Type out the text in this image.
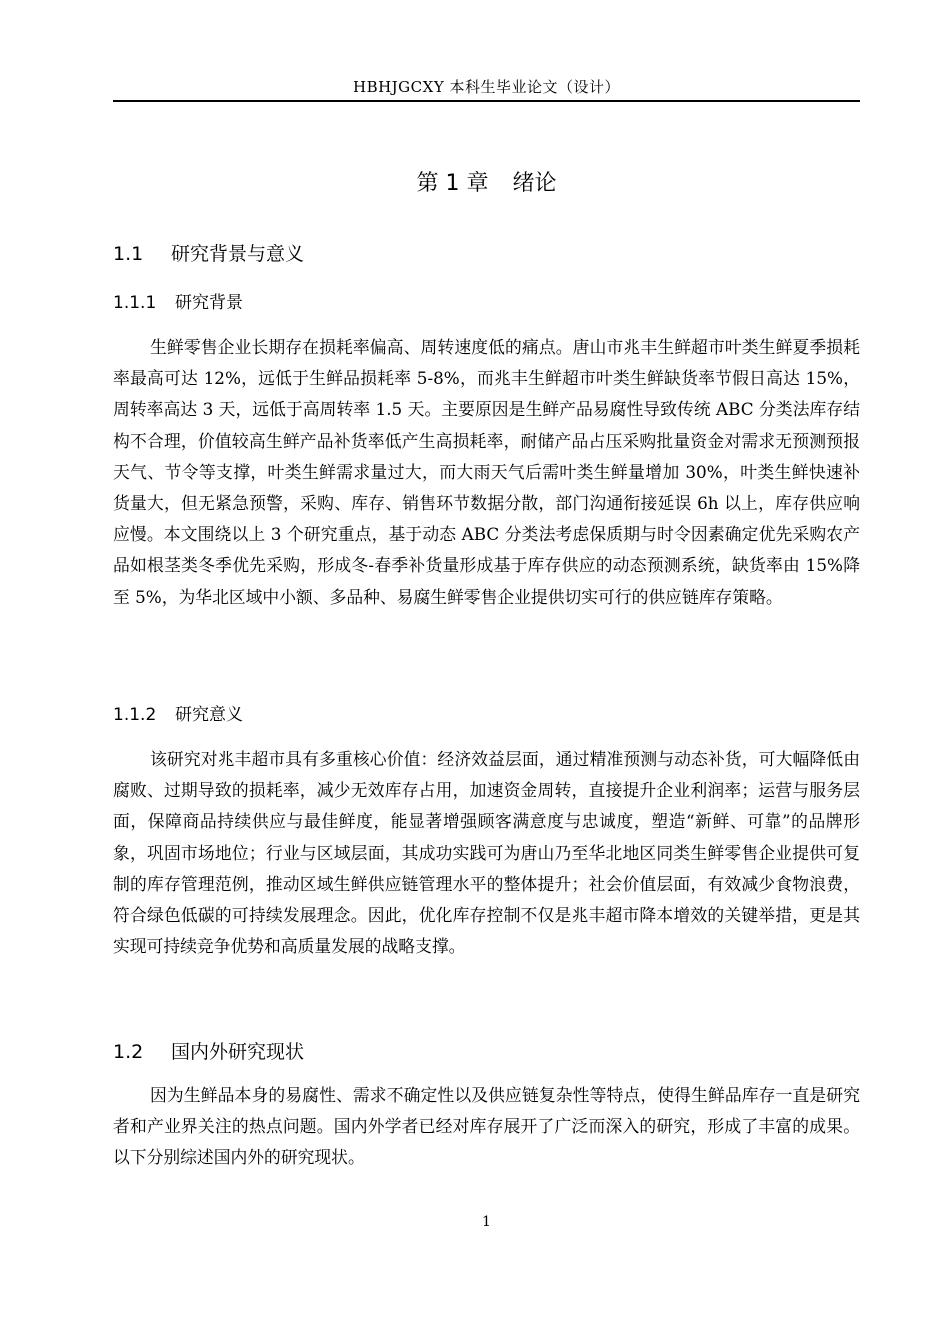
HBHJGCXY 本科生毕业论文（设计）
第 1 章 绪论
1.1 研究背景与意义
1.1.1 研究背景

生鲜零售企业长期存在损耗率偏高、周转速度低的痛点。唐山市兆丰生鲜超市叶类生鲜夏季损耗率最高可达 12%，远低于生鲜品损耗率 5-8%，而兆丰生鲜超市叶类生鲜缺货率节假日高达 15%，周转率高达 3 天，远低于高周转率 1.5 天。主要原因是生鲜产品易腐性导致传统 ABC 分类法库存结构不合理，价值较高生鲜产品补货率低产生高损耗率，耐储产品占压采购批量资金对需求无预测预报天气、节令等支撑，叶类生鲜需求量过大，而大雨天气后需叶类生鲜量增加 30%，叶类生鲜快速补货量大，但无紧急预警，采购、库存、销售环节数据分散，部门沟通衔接延误 6h 以上，库存供应响应慢。本文围绕以上 3 个研究重点，基于动态 ABC 分类法考虑保质期与时令因素确定优先采购农产品如根茎类冬季优先采购，形成冬-春季补货量形成基于库存供应的动态预测系统，缺货率由 15%降至 5%，为华北区域中小额、多品种、易腐生鲜零售企业提供切实可行的供应链库存策略。

1.1.2 研究意义

该研究对兆丰超市具有多重核心价值：经济效益层面，通过精准预测与动态补货，可大幅降低由腐败、过期导致的损耗率，减少无效库存占用，加速资金周转，直接提升企业利润率；运营与服务层面，保障商品持续供应与最佳鲜度，能显著增强顾客满意度与忠诚度，塑造“新鲜、可靠”的品牌形象，巩固市场地位；行业与区域层面，其成功实践可为唐山乃至华北地区同类生鲜零售企业提供可复制的库存管理范例，推动区域生鲜供应链管理水平的整体提升；社会价值层面，有效减少食物浪费，符合绿色低碳的可持续发展理念。因此，优化库存控制不仅是兆丰超市降本增效的关键举措，更是其实现可持续竞争优势和高质量发展的战略支撑。

1.2 国内外研究现状

因为生鲜品本身的易腐性、需求不确定性以及供应链复杂性等特点，使得生鲜品库存一直是研究者和产业界关注的热点问题。国内外学者已经对库存展开了广泛而深入的研究，形成了丰富的成果。以下分别综述国内外的研究现状。

1
